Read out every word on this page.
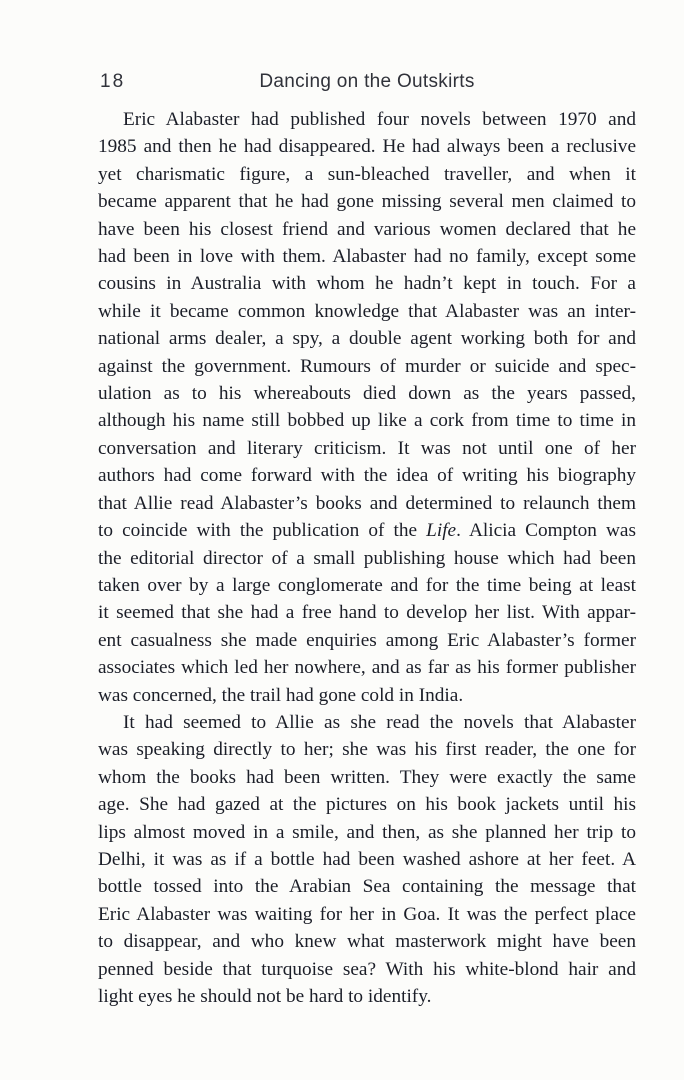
18	Dancing on the Outskirts
Eric Alabaster had published four novels between 1970 and
1985 and then he had disappeared. He had always been a reclusive
yet charismatic figure, a sun-bleached traveller, and when it
became apparent that he had gone missing several men claimed to
have been his closest friend and various women declared that he
had been in love with them. Alabaster had no family, except some
cousins in Australia with whom he hadn’t kept in touch. For a
while it became common knowledge that Alabaster was an inter-
national arms dealer, a spy, a double agent working both for and
against the government. Rumours of murder or suicide and spec-
ulation as to his whereabouts died down as the years passed,
although his name still bobbed up like a cork from time to time in
conversation and literary criticism. It was not until one of her
authors had come forward with the idea of writing his biography
that Allie read Alabaster’s books and determined to relaunch them
to coincide with the publication of the Life. Alicia Compton was
the editorial director of a small publishing house which had been
taken over by a large conglomerate and for the time being at least
it seemed that she had a free hand to develop her list. With appar-
ent casualness she made enquiries among Eric Alabaster’s former
associates which led her nowhere, and as far as his former publisher
was concerned, the trail had gone cold in India.
It had seemed to Allie as she read the novels that Alabaster
was speaking directly to her; she was his first reader, the one for
whom the books had been written. They were exactly the same
age. She had gazed at the pictures on his book jackets until his
lips almost moved in a smile, and then, as she planned her trip to
Delhi, it was as if a bottle had been washed ashore at her feet. A
bottle tossed into the Arabian Sea containing the message that
Eric Alabaster was waiting for her in Goa. It was the perfect place
to disappear, and who knew what masterwork might have been
penned beside that turquoise sea? With his white-blond hair and
light eyes he should not be hard to identify.
